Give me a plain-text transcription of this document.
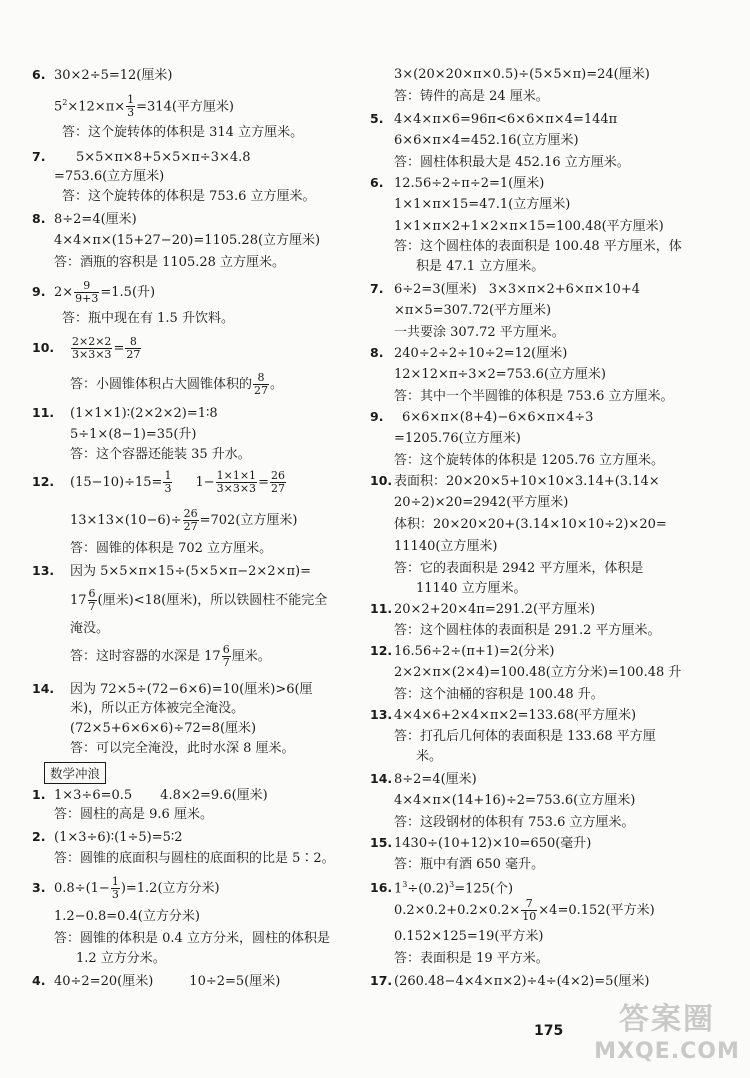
6. 30×2÷5=12(厘米)
$5^2\times 12\times\pi\times \frac{1}{3} =314$(平方厘米)
答：这个旋转体的体积是 314 立方厘米。
7. 5×5×π×8+5×5×π÷3×4.8
=753.6(立方厘米)
答：这个旋转体的体积是 753.6 立方厘米。
8. 8÷2=4(厘米)
4×4×π×(15+27−20)=1105.28(立方厘米)
答：酒瓶的容积是 1105.28 立方厘米。
9. $2\times \frac{9}{9+3} =1.5$(升)
答：瓶中现在有 1.5 升饮料。
10. $\frac{2\times 2\times 2}{3\times 3\times 3} = \frac{8}{27}$
答：小圆锥体积占大圆锥体积的 $\frac{8}{27}$ 。
11. (1×1×1)∶(2×2×2)=1∶8
5÷1×(8−1)=35(升)
答：这个容器还能装 35 升水。
12. $(15-10)\div 15= \frac{1}{3} 1- \frac{1\times 1\times 1}{3\times 3\times 3} = \frac{26}{27}$
$13\times 13\times(10-6)\div \frac{26}{27} =702$(立方厘米)
答：圆锥的体积是 702 立方厘米。
13. 因为 5×5×π×15÷(5×5×π−2×2×π)=
$17 \frac{6}{7}$ (厘米)<18(厘米)，所以铁圆柱不能完全
淹没。
答：这时容器的水深是 $17 \frac{6}{7}$ 厘米。
14. 因为 72×5÷(72−6×6)=10(厘米)>6(厘
米)，所以正方体被完全淹没。
(72×5+6×6×6)÷72=8(厘米)
答：可以完全淹没，此时水深 8 厘米。
数学冲浪
1. 1×3÷6=0.5 4.8×2=9.6(厘米)
答：圆柱的高是 9.6 厘米。
2. (1×3÷6)∶(1÷5)=5∶2
答：圆锥的底面积与圆柱的底面积的比是 5∶2。
3. $0.8\div(1- \frac{1}{3} )=1.2$(立方分米)
1.2−0.8=0.4(立方分米)
答：圆锥的体积是 0.4 立方分米，圆柱的体积是
1.2 立方分米。
4. 40÷2=20(厘米)	10÷2=5(厘米)
3×(20×20×π×0.5)÷(5×5×π)=24(厘米)
答：铸件的高是 24 厘米。
5. 4×4×π×6=96π<6×6×π×4=144π
6×6×π×4=452.16(立方厘米)
答：圆柱体积最大是 452.16 立方厘米。
6. 12.56÷2÷π÷2=1(厘米)
1×1×π×15=47.1(立方厘米)
1×1×π×2+1×2×π×15=100.48(平方厘米)
答：这个圆柱体的表面积是 100.48 平方厘米，体
积是 47.1 立方厘米。
7. 6÷2=3(厘米) 3×3×π×2+6×π×10+4
×π×5=307.72(平方厘米)
一共要涂 307.72 平方厘米。
8. 240÷2÷2÷10÷2=12(厘米)
12×12×π÷3×2=753.6(立方厘米)
答：其中一个半圆锥的体积是 753.6 立方厘米。
9. 6×6×π×(8+4)−6×6×π×4÷3
=1205.76(立方厘米)
答：这个旋转体的体积是 1205.76 立方厘米。
10. 表面积：20×20×5+10×10×3.14+(3.14×
20÷2)×20=2942(平方厘米)
体积：20×20×20+(3.14×10×10÷2)×20=
11140(立方厘米)
答：它的表面积是 2942 平方厘米，体积是
11140 立方厘米。
11. 20×2+20×4π=291.2(平方厘米)
答：这个圆柱体的表面积是 291.2 平方厘米。
12. 16.56÷2÷(π+1)=2(分米)
2×2×π×(2×4)=100.48(立方分米)=100.48 升
答：这个油桶的容积是 100.48 升。
13. 4×4×6+2×4×π×2=133.68(平方厘米)
答：打孔后几何体的表面积是 133.68 平方厘
米。
14. 8÷2=4(厘米)
4×4×π×(14+16)÷2=753.6(立方厘米)
答：这段钢材的体积有 753.6 立方厘米。
15. 1430÷(10+12)×10=650(毫升)
答：瓶中有酒 650 毫升。
16. $1^3\div(0.2)^3=125$(个)
$0.2\times 0.2+0.2\times 0.2\times \frac{7}{10} \times 4=0.152$(平方米)
0.152×125=19(平方米)
答：表面积是 19 平方米。
17. (260.48−4×4×π×2)÷4÷(4×2)=5(厘米)
175	答案圈
MXQE.COM
